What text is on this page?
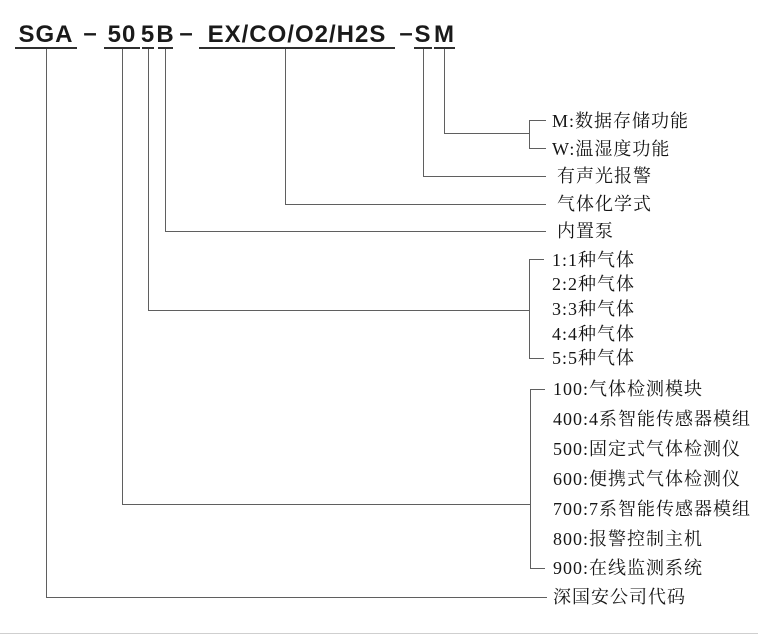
SGA – 50 5 B – EX/CO/O2/H2S – S M
M:数据存储功能
W:温湿度功能
有声光报警
气体化学式
内置泵
1:1种气体
2:2种气体
3:3种气体
4:4种气体
5:5种气体
100:气体检测模块
400:4系智能传感器模组
500:固定式气体检测仪
600:便携式气体检测仪
700:7系智能传感器模组
800:报警控制主机
900:在线监测系统
深国安公司代码
